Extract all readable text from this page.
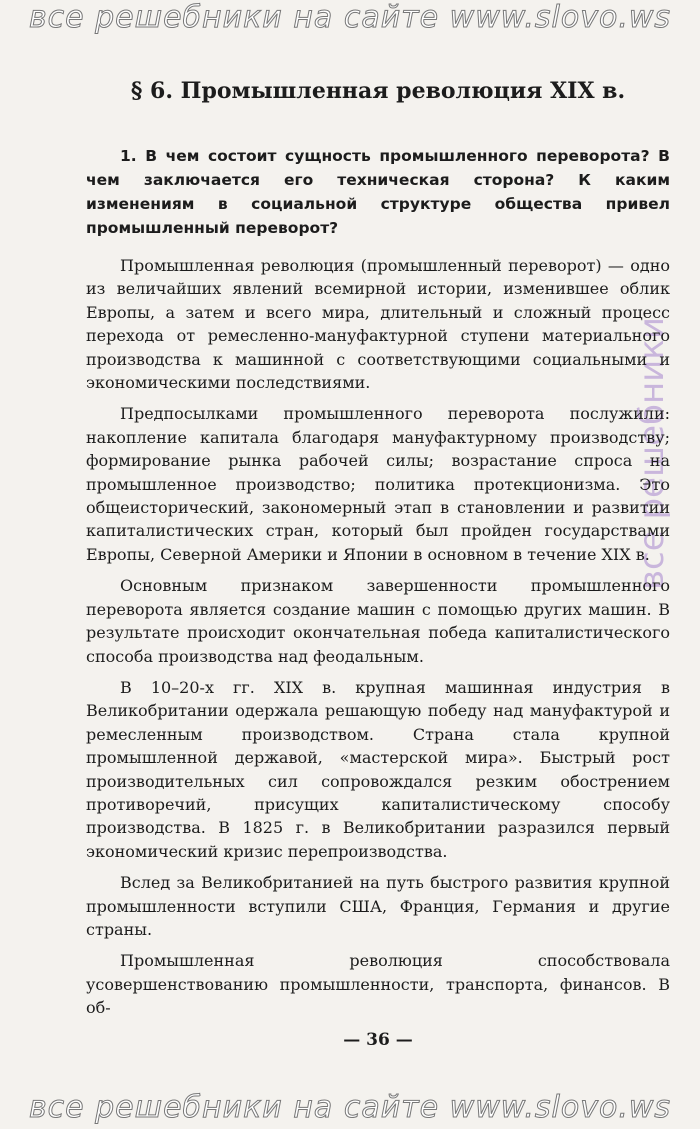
все решебники на сайте www.slovo.ws
все решебники
§ 6. Промышленная революция XIX в.

1. В чем состоит сущность промышленного переворота? В чем заключается его техническая сторона? К каким изменениям в социальной структуре общества привел промышленный переворот?

Промышленная революция (промышленный переворот) — одно из величайших явлений всемирной истории, изменившее облик Европы, а затем и всего мира, длительный и сложный процесс перехода от ремесленно-мануфактурной ступени материального производства к машинной с соответствующими социальными и экономическими последствиями.

Предпосылками промышленного переворота послужили: накопление капитала благодаря мануфактурному производству; формирование рынка рабочей силы; возрастание спроса на промышленное производство; политика протекционизма. Это общеисторический, закономерный этап в становлении и развитии капиталистических стран, который был пройден государствами Европы, Северной Америки и Японии в основном в течение XIX в.

Основным признаком завершенности промышленного переворота является создание машин с помощью других машин. В результате происходит окончательная победа капиталистического способа производства над феодальным.

В 10–20-х гг. XIX в. крупная машинная индустрия в Великобритании одержала решающую победу над мануфактурой и ремесленным производством. Страна стала крупной промышленной державой, «мастерской мира». Быстрый рост производительных сил сопровождался резким обострением противоречий, присущих капиталистическому способу производства. В 1825 г. в Великобритании разразился первый экономический кризис перепроизводства.

Вслед за Великобританией на путь быстрого развития крупной промышленности вступили США, Франция, Германия и другие страны.

Промышленная революция способствовала усовершенствованию промышленности, транспорта, финансов. В об-

— 36 —
все решебники на сайте www.slovo.ws
